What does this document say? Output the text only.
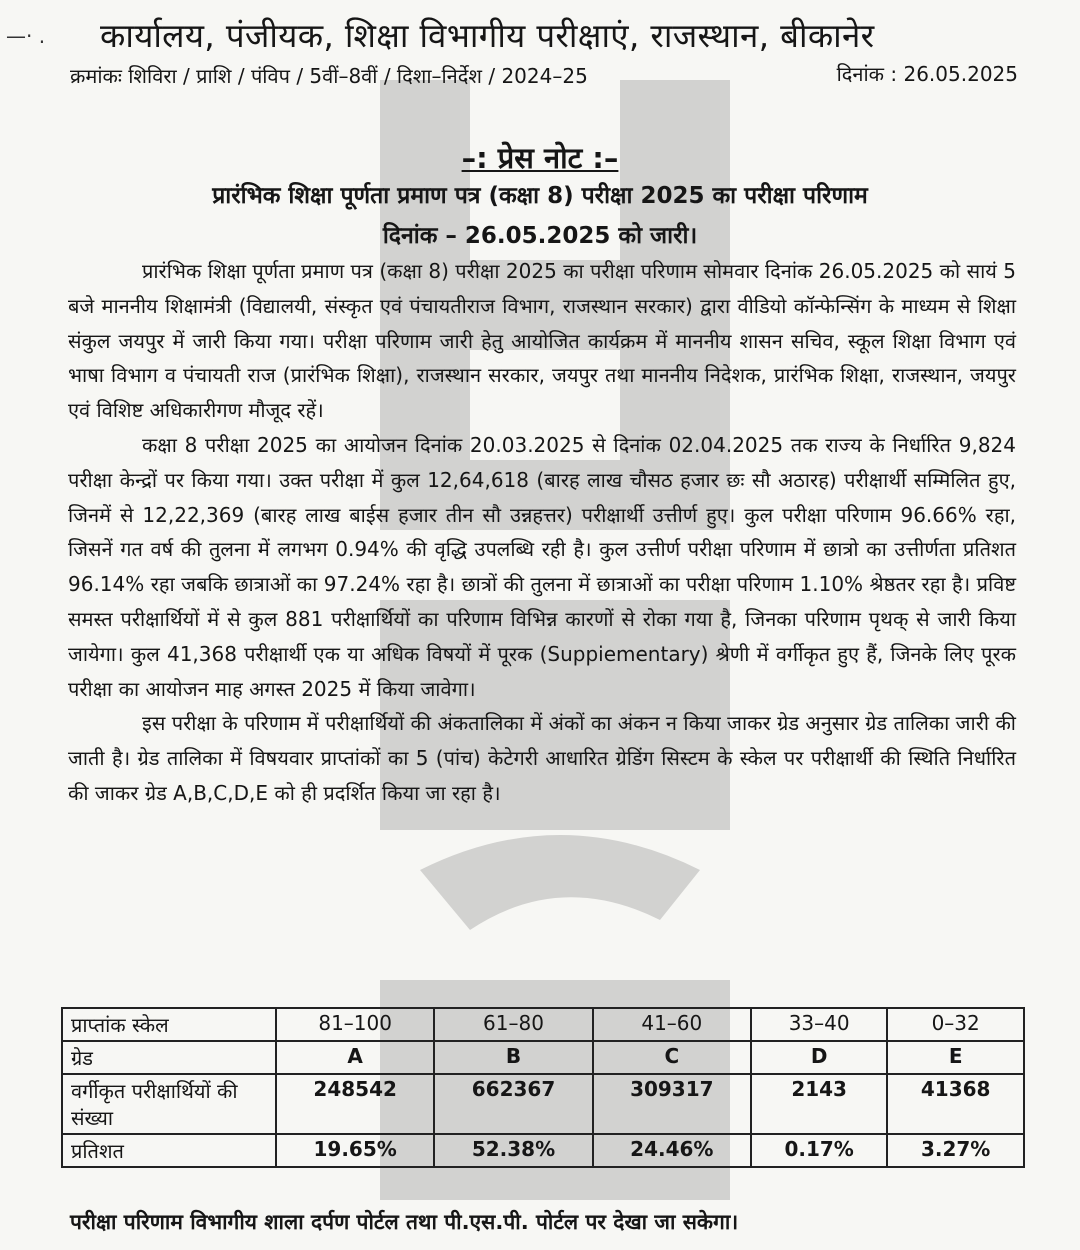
—· . कार्यालय, पंजीयक, शिक्षा विभागीय परीक्षाएं, राजस्थान, बीकानेर
क्रमांकः शिविरा / प्राशि / पंविप / 5वीं–8वीं / दिशा–निर्देश / 2024–25	दिनांक : 26.05.2025
–: प्रेस नोट :–
प्रारंभिक शिक्षा पूर्णता प्रमाण पत्र (कक्षा 8) परीक्षा 2025 का परीक्षा परिणाम
दिनांक – 26.05.2025 को जारी।

प्रारंभिक शिक्षा पूर्णता प्रमाण पत्र (कक्षा 8) परीक्षा 2025 का परीक्षा परिणाम सोमवार दिनांक 26.05.2025 को सायं 5 बजे माननीय शिक्षामंत्री (विद्यालयी, संस्कृत एवं पंचायतीराज विभाग, राजस्थान सरकार) द्वारा वीडियो कॉन्फेन्सिंग के माध्यम से शिक्षा संकुल जयपुर में जारी किया गया। परीक्षा परिणाम जारी हेतु आयोजित कार्यक्रम में माननीय शासन सचिव, स्कूल शिक्षा विभाग एवं भाषा विभाग व पंचायती राज (प्रारंभिक शिक्षा), राजस्थान सरकार, जयपुर तथा माननीय निदेशक, प्रारंभिक शिक्षा, राजस्थान, जयपुर एवं विशिष्ट अधिकारीगण मौजूद रहें।

कक्षा 8 परीक्षा 2025 का आयोजन दिनांक 20.03.2025 से दिनांक 02.04.2025 तक राज्य के निर्धारित 9,824 परीक्षा केन्द्रों पर किया गया। उक्त परीक्षा में कुल 12,64,618 (बारह लाख चौसठ हजार छः सौ अठारह) परीक्षार्थी सम्मिलित हुए, जिनमें से 12,22,369 (बारह लाख बाईस हजार तीन सौ उन्नहत्तर) परीक्षार्थी उत्तीर्ण हुए। कुल परीक्षा परिणाम 96.66% रहा, जिसनें गत वर्ष की तुलना में लगभग 0.94% की वृद्धि उपलब्धि रही है। कुल उत्तीर्ण परीक्षा परिणाम में छात्रो का उत्तीर्णता प्रतिशत 96.14% रहा जबकि छात्राओं का 97.24% रहा है। छात्रों की तुलना में छात्राओं का परीक्षा परिणाम 1.10% श्रेष्ठतर रहा है। प्रविष्ट समस्त परीक्षार्थियों में से कुल 881 परीक्षार्थियों का परिणाम विभिन्न कारणों से रोका गया है, जिनका परिणाम पृथक् से जारी किया जायेगा। कुल 41,368 परीक्षार्थी एक या अधिक विषयों में पूरक (Suppiementary) श्रेणी में वर्गीकृत हुए हैं, जिनके लिए पूरक परीक्षा का आयोजन माह अगस्त 2025 में किया जावेगा।

इस परीक्षा के परिणाम में परीक्षार्थियों की अंकतालिका में अंकों का अंकन न किया जाकर ग्रेड अनुसार ग्रेड तालिका जारी की जाती है। ग्रेड तालिका में विषयवार प्राप्तांकों का 5 (पांच) केटेगरी आधारित ग्रेडिंग सिस्टम के स्केल पर परीक्षार्थी की स्थिति निर्धारित की जाकर ग्रेड A,B,C,D,E को ही प्रदर्शित किया जा रहा है।

प्राप्तांक स्केल	81–100	61–80	41–60	33–40	0–32
ग्रेड	A	B	C	D	E
वर्गीकृत परीक्षार्थियों की संख्या	248542	662367	309317	2143	41368
प्रतिशत	19.65%	52.38%	24.46%	0.17%	3.27%
परीक्षा परिणाम विभागीय शाला दर्पण पोर्टल तथा पी.एस.पी. पोर्टल पर देखा जा सकेगा।
